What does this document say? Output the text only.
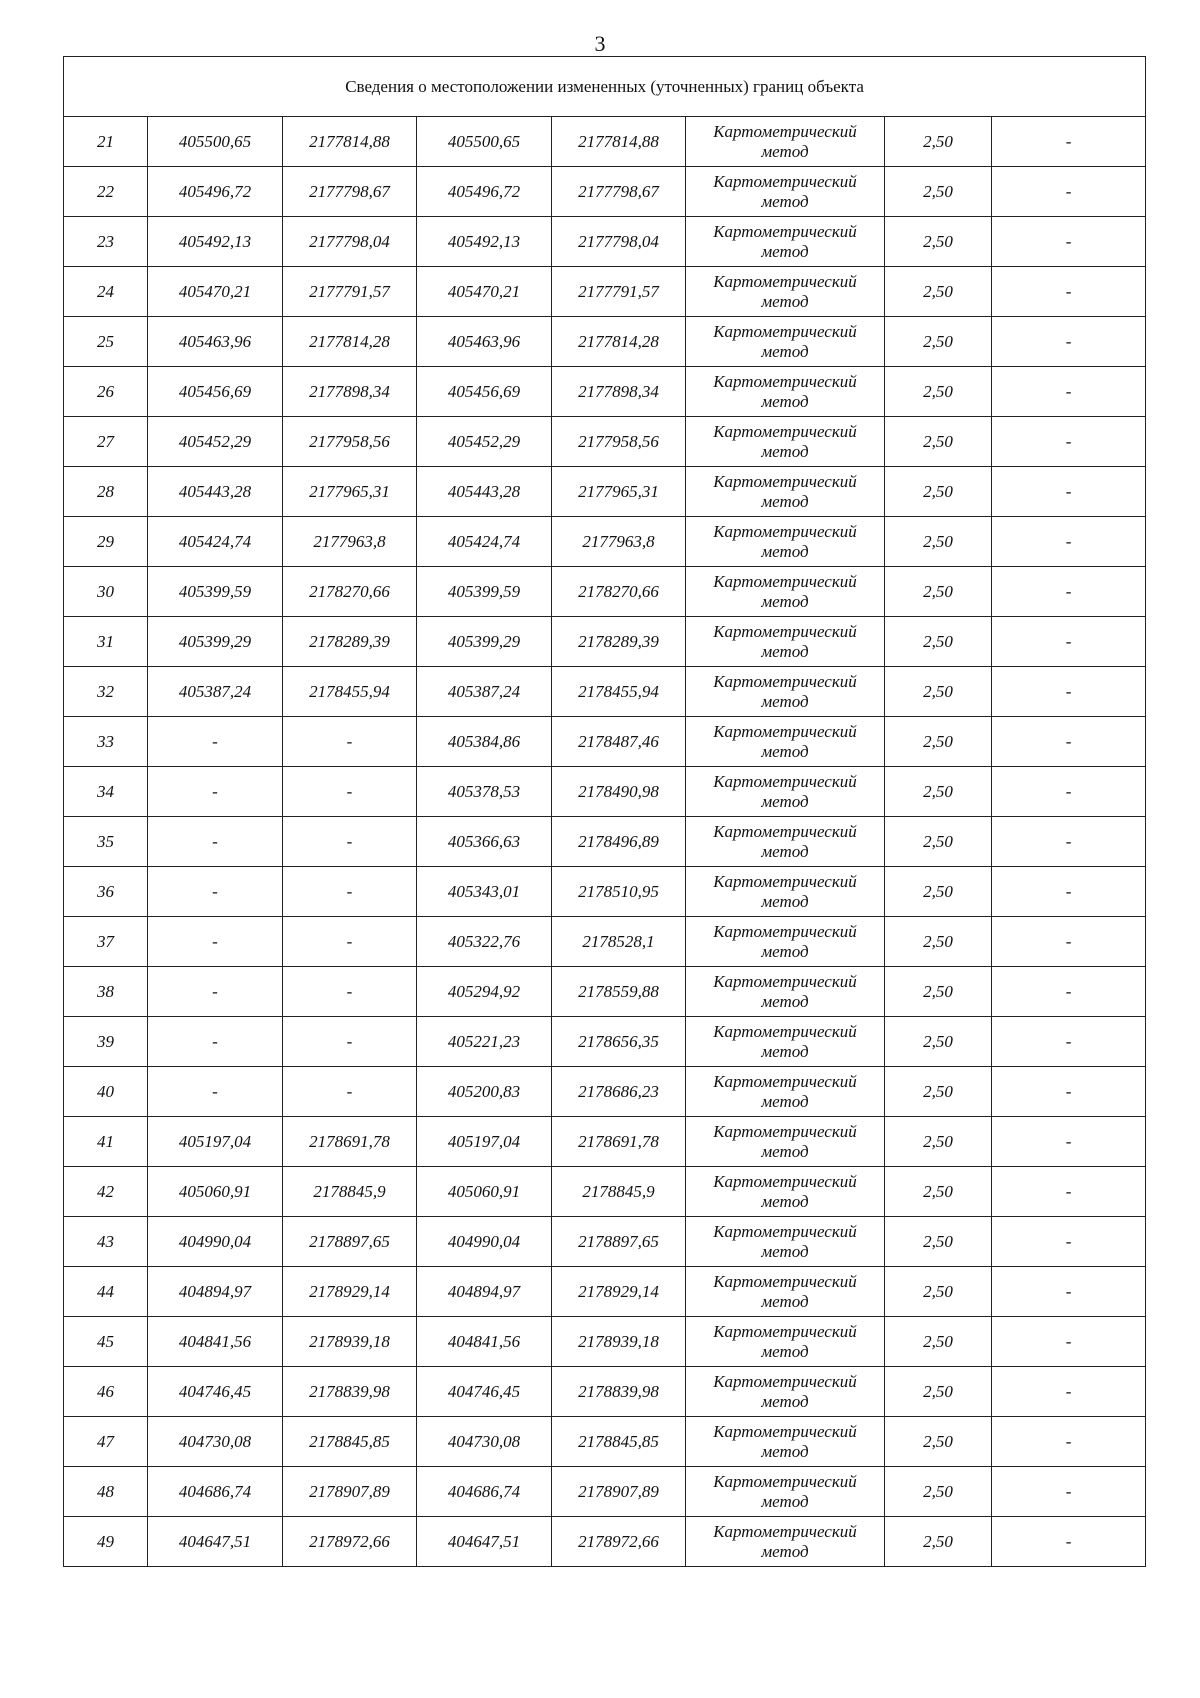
3
Сведения о местоположении измененных (уточненных) границ объекта							
21	405500,65	2177814,88	405500,65	2177814,88	Картометрический
метод	2,50	-
22	405496,72	2177798,67	405496,72	2177798,67	Картометрический
метод	2,50	-
23	405492,13	2177798,04	405492,13	2177798,04	Картометрический
метод	2,50	-
24	405470,21	2177791,57	405470,21	2177791,57	Картометрический
метод	2,50	-
25	405463,96	2177814,28	405463,96	2177814,28	Картометрический
метод	2,50	-
26	405456,69	2177898,34	405456,69	2177898,34	Картометрический
метод	2,50	-
27	405452,29	2177958,56	405452,29	2177958,56	Картометрический
метод	2,50	-
28	405443,28	2177965,31	405443,28	2177965,31	Картометрический
метод	2,50	-
29	405424,74	2177963,8	405424,74	2177963,8	Картометрический
метод	2,50	-
30	405399,59	2178270,66	405399,59	2178270,66	Картометрический
метод	2,50	-
31	405399,29	2178289,39	405399,29	2178289,39	Картометрический
метод	2,50	-
32	405387,24	2178455,94	405387,24	2178455,94	Картометрический
метод	2,50	-
33	-	-	405384,86	2178487,46	Картометрический
метод	2,50	-
34	-	-	405378,53	2178490,98	Картометрический
метод	2,50	-
35	-	-	405366,63	2178496,89	Картометрический
метод	2,50	-
36	-	-	405343,01	2178510,95	Картометрический
метод	2,50	-
37	-	-	405322,76	2178528,1	Картометрический
метод	2,50	-
38	-	-	405294,92	2178559,88	Картометрический
метод	2,50	-
39	-	-	405221,23	2178656,35	Картометрический
метод	2,50	-
40	-	-	405200,83	2178686,23	Картометрический
метод	2,50	-
41	405197,04	2178691,78	405197,04	2178691,78	Картометрический
метод	2,50	-
42	405060,91	2178845,9	405060,91	2178845,9	Картометрический
метод	2,50	-
43	404990,04	2178897,65	404990,04	2178897,65	Картометрический
метод	2,50	-
44	404894,97	2178929,14	404894,97	2178929,14	Картометрический
метод	2,50	-
45	404841,56	2178939,18	404841,56	2178939,18	Картометрический
метод	2,50	-
46	404746,45	2178839,98	404746,45	2178839,98	Картометрический
метод	2,50	-
47	404730,08	2178845,85	404730,08	2178845,85	Картометрический
метод	2,50	-
48	404686,74	2178907,89	404686,74	2178907,89	Картометрический
метод	2,50	-
49	404647,51	2178972,66	404647,51	2178972,66	Картометрический
метод	2,50	-
